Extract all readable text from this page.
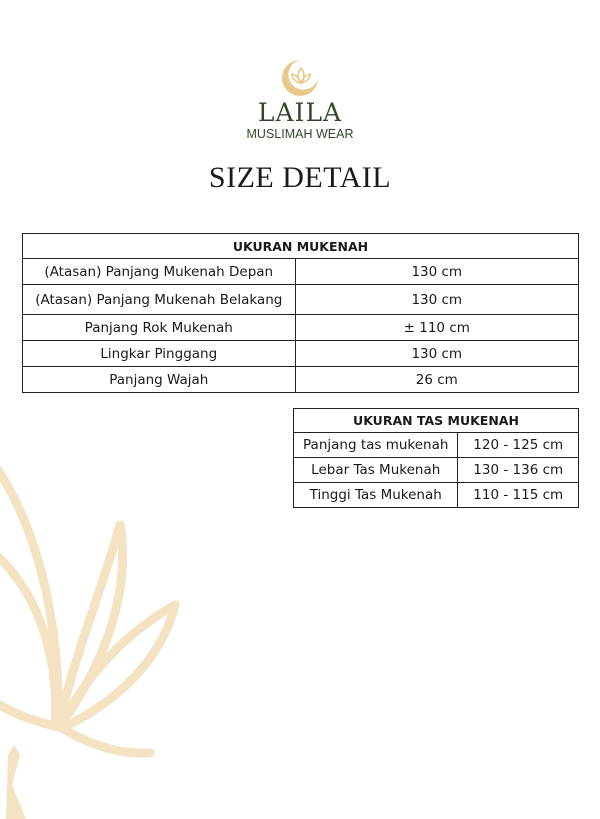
LAILA
MUSLIMAH WEAR
SIZE DETAIL
UKURAN MUKENAH	
(Atasan) Panjang Mukenah Depan	130 cm
(Atasan) Panjang Mukenah Belakang	130 cm
Panjang Rok Mukenah	± 110 cm
Lingkar Pinggang	130 cm
Panjang Wajah	26 cm
UKURAN TAS MUKENAH	
Panjang tas mukenah	120 - 125 cm
Lebar Tas Mukenah	130 - 136 cm
Tinggi Tas Mukenah	110 - 115 cm
